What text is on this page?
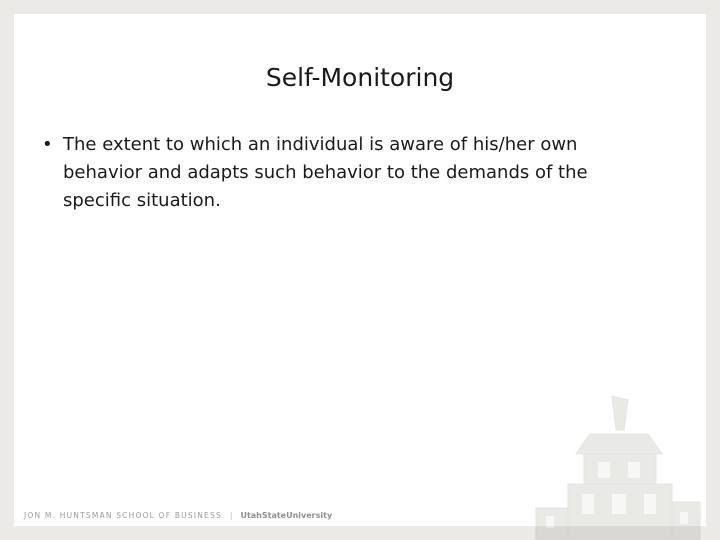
Self-Monitoring
• The extent to which an individual is aware of his/her own behavior and adapts such behavior to the demands of the specific situation.
JON M. HUNTSMAN SCHOOL OF BUSINESS | UtahStateUniversity
